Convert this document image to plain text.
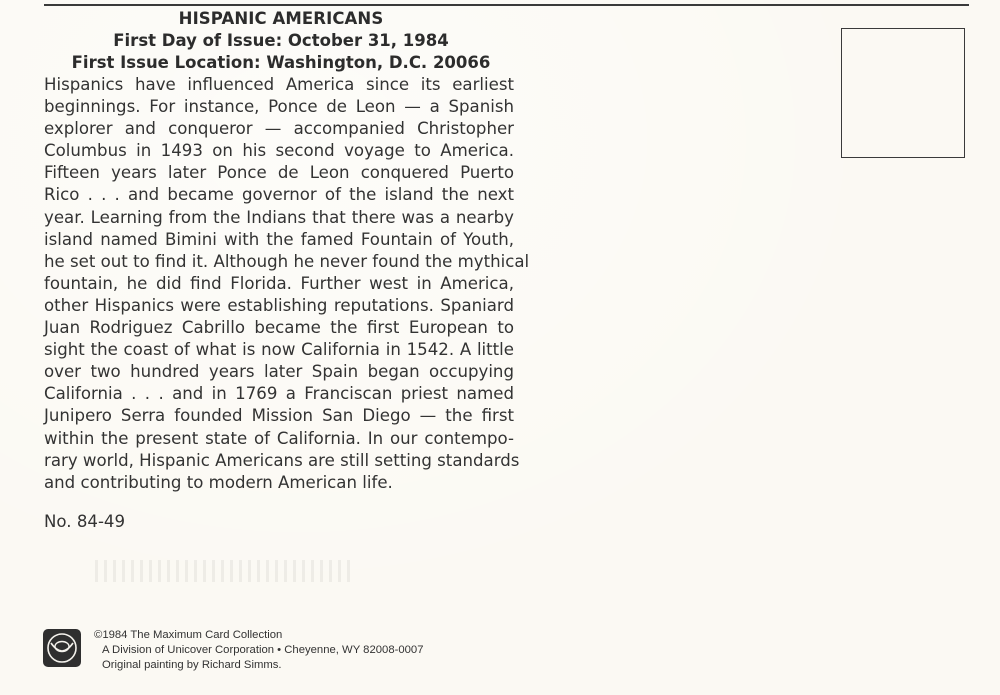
HISPANIC AMERICANS
First Day of Issue: October 31, 1984
First Issue Location: Washington, D.C. 20066
Hispanics have influenced America since its earliest
beginnings. For instance, Ponce de Leon — a Spanish
explorer and conqueror — accompanied Christopher
Columbus in 1493 on his second voyage to America.
Fifteen years later Ponce de Leon conquered Puerto
Rico . . . and became governor of the island the next
year. Learning from the Indians that there was a nearby
island named Bimini with the famed Fountain of Youth,
he set out to find it. Although he never found the mythical
fountain, he did find Florida. Further west in America,
other Hispanics were establishing reputations. Spaniard
Juan Rodriguez Cabrillo became the first European to
sight the coast of what is now California in 1542. A little
over two hundred years later Spain began occupying
California . . . and in 1769 a Franciscan priest named
Junipero Serra founded Mission San Diego — the first
within the present state of California. In our contempo-
rary world, Hispanic Americans are still setting standards
and contributing to modern American life.
No. 84-49
©1984 The Maximum Card Collection
A Division of Unicover Corporation • Cheyenne, WY 82008-0007
Original painting by Richard Simms.
